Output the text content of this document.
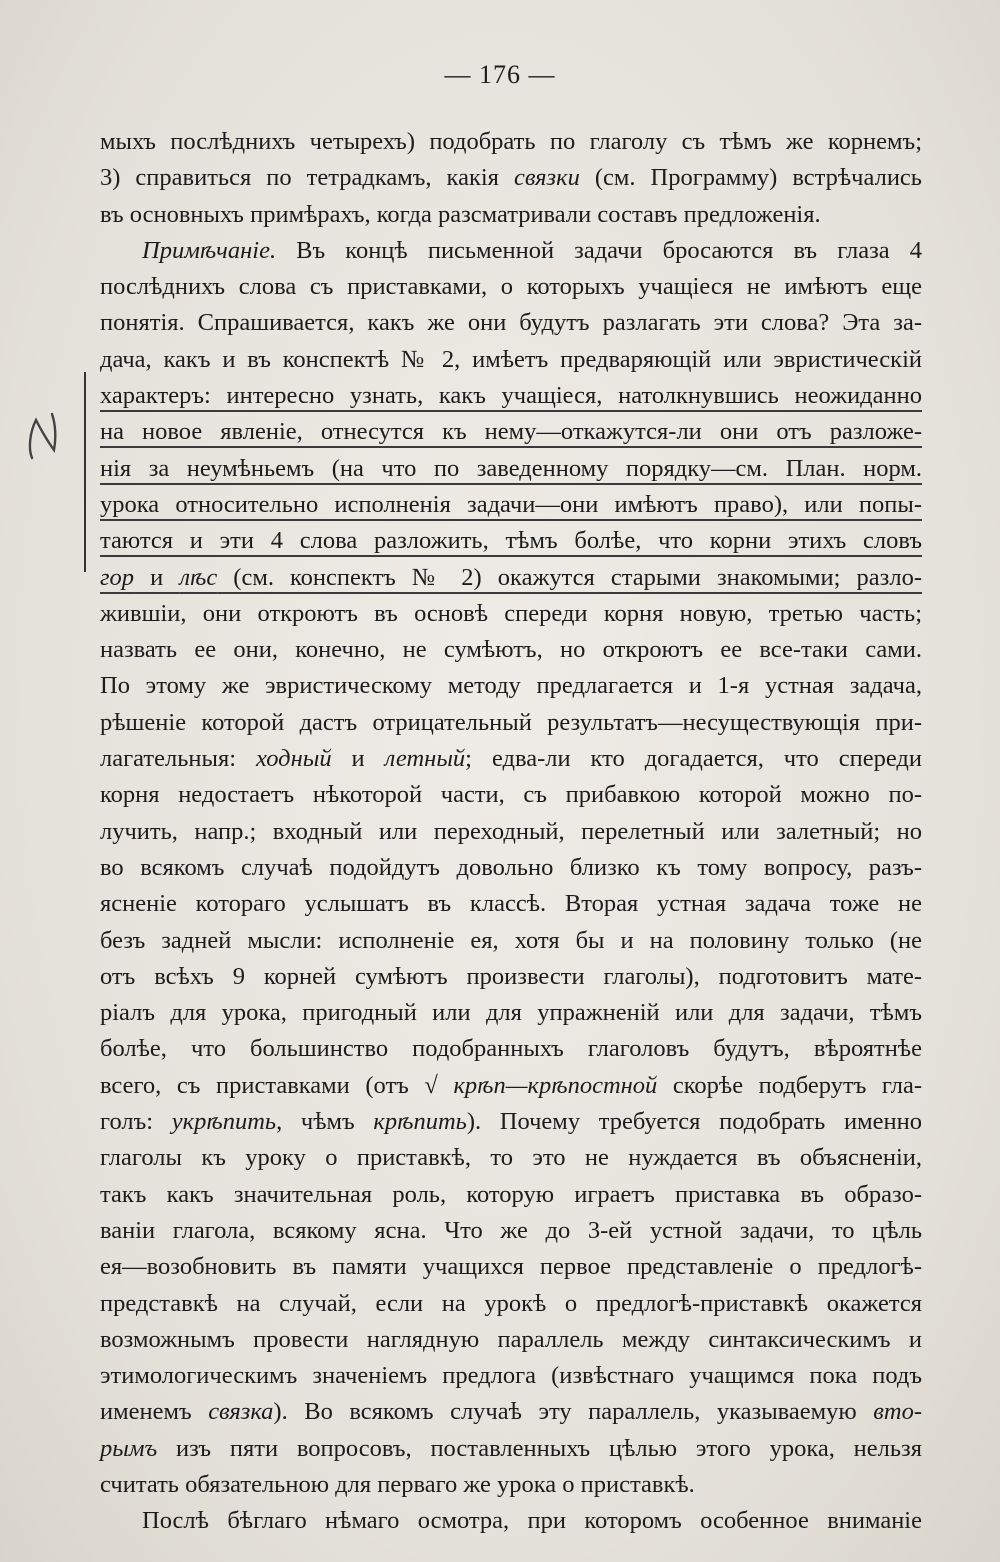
— 176 —
мыхъ послѣднихъ четырехъ) подобрать по глаголу съ тѣмъ же корнемъ;
3) справиться по тетрадкамъ, какія связки (см. Программу) встрѣчались
въ основныхъ примѣрахъ, когда разсматривали составъ предложенія.
Примѣчаніе. Въ концѣ письменной задачи бросаются въ глаза 4
послѣднихъ слова съ приставками, о которыхъ учащіеся не имѣютъ еще
понятія. Спрашивается, какъ же они будутъ разлагать эти слова? Эта за-
дача, какъ и въ конспектѣ № 2, имѣетъ предваряющій или эвристическій
характеръ: интересно узнать, какъ учащіеся, натолкнувшись неожиданно
на новое явленіе, отнесутся къ нему—откажутся-ли они отъ разложе-
нія за неумѣньемъ (на что по заведенному порядку—см. План. норм.
урока относительно исполненія задачи—они имѣютъ право), или попы-
таются и эти 4 слова разложить, тѣмъ болѣе, что корни этихъ словъ
гор и лѣс (см. конспектъ № 2) окажутся старыми знакомыми; разло-
жившіи, они откроютъ въ основѣ спереди корня новую, третью часть;
назвать ее они, конечно, не сумѣютъ, но откроютъ ее все-таки сами.
По этому же эвристическому методу предлагается и 1-я устная задача,
рѣшеніе которой дастъ отрицательный результатъ—несуществующія при-
лагательныя: ходный и летный; едва-ли кто догадается, что спереди
корня недостаетъ нѣкоторой части, съ прибавкою которой можно по-
лучить, напр.; входный или переходный, перелетный или залетный; но
во всякомъ случаѣ подойдутъ довольно близко къ тому вопросу, разъ-
ясненіе котораго услышатъ въ классѣ. Вторая устная задача тоже не
безъ задней мысли: исполненіе ея, хотя бы и на половину только (не
отъ всѣхъ 9 корней сумѣютъ произвести глаголы), подготовитъ мате-
ріалъ для урока, пригодный или для упражненій или для задачи, тѣмъ
болѣе, что большинство подобранныхъ глаголовъ будутъ, вѣроятнѣе
всего, съ приставками (отъ √ крѣп—крѣпостной скорѣе подберутъ гла-
голъ: укрѣпить, чѣмъ крѣпить). Почему требуется подобрать именно
глаголы къ уроку о приставкѣ, то это не нуждается въ объясненіи,
такъ какъ значительная роль, которую играетъ приставка въ образо-
ваніи глагола, всякому ясна. Что же до 3-ей устной задачи, то цѣль
ея—возобновить въ памяти учащихся первое представленіе о предлогѣ-
представкѣ на случай, если на урокѣ о предлогѣ-приставкѣ окажется
возможнымъ провести наглядную параллель между синтаксическимъ и
этимологическимъ значеніемъ предлога (извѣстнаго учащимся пока подъ
именемъ связка). Во всякомъ случаѣ эту параллель, указываемую вто-
рымъ изъ пяти вопросовъ, поставленныхъ цѣлью этого урока, нельзя
считать обязательною для перваго же урока о приставкѣ.
Послѣ бѣглаго нѣмаго осмотра, при которомъ особенное вниманіе
